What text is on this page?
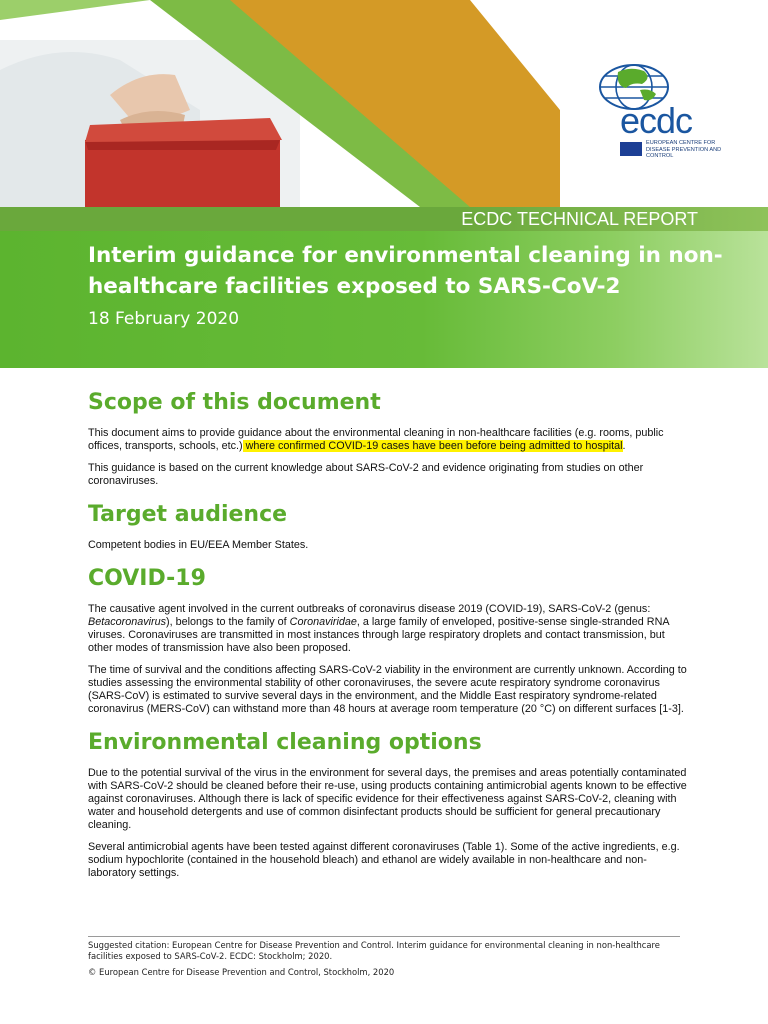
ecdc
EUROPEAN CENTRE FOR DISEASE PREVENTION AND CONTROL
ECDC TECHNICAL REPORT
Interim guidance for environmental cleaning in non-healthcare facilities exposed to SARS-CoV-2
18 February 2020
Scope of this document

This document aims to provide guidance about the environmental cleaning in non-healthcare facilities (e.g. rooms, public offices, transports, schools, etc.) where confirmed COVID-19 cases have been before being admitted to hospital.

This guidance is based on the current knowledge about SARS-CoV-2 and evidence originating from studies on other coronaviruses.

Target audience

Competent bodies in EU/EEA Member States.

COVID-19

The causative agent involved in the current outbreaks of coronavirus disease 2019 (COVID-19), SARS-CoV-2 (genus: Betacoronavirus), belongs to the family of Coronaviridae, a large family of enveloped, positive-sense single-stranded RNA viruses. Coronaviruses are transmitted in most instances through large respiratory droplets and contact transmission, but other modes of transmission have also been proposed.

The time of survival and the conditions affecting SARS-CoV-2 viability in the environment are currently unknown. According to studies assessing the environmental stability of other coronaviruses, the severe acute respiratory syndrome coronavirus (SARS-CoV) is estimated to survive several days in the environment, and the Middle East respiratory syndrome-related coronavirus (MERS-CoV) can withstand more than 48 hours at average room temperature (20 °C) on different surfaces [1-3].

Environmental cleaning options

Due to the potential survival of the virus in the environment for several days, the premises and areas potentially contaminated with SARS-CoV-2 should be cleaned before their re-use, using products containing antimicrobial agents known to be effective against coronaviruses. Although there is lack of specific evidence for their effectiveness against SARS-CoV-2, cleaning with water and household detergents and use of common disinfectant products should be sufficient for general precautionary cleaning.

Several antimicrobial agents have been tested against different coronaviruses (Table 1). Some of the active ingredients, e.g. sodium hypochlorite (contained in the household bleach) and ethanol are widely available in non-healthcare and non-laboratory settings.

Suggested citation: European Centre for Disease Prevention and Control. Interim guidance for environmental cleaning in non-healthcare facilities exposed to SARS-CoV-2. ECDC: Stockholm; 2020.

© European Centre for Disease Prevention and Control, Stockholm, 2020
